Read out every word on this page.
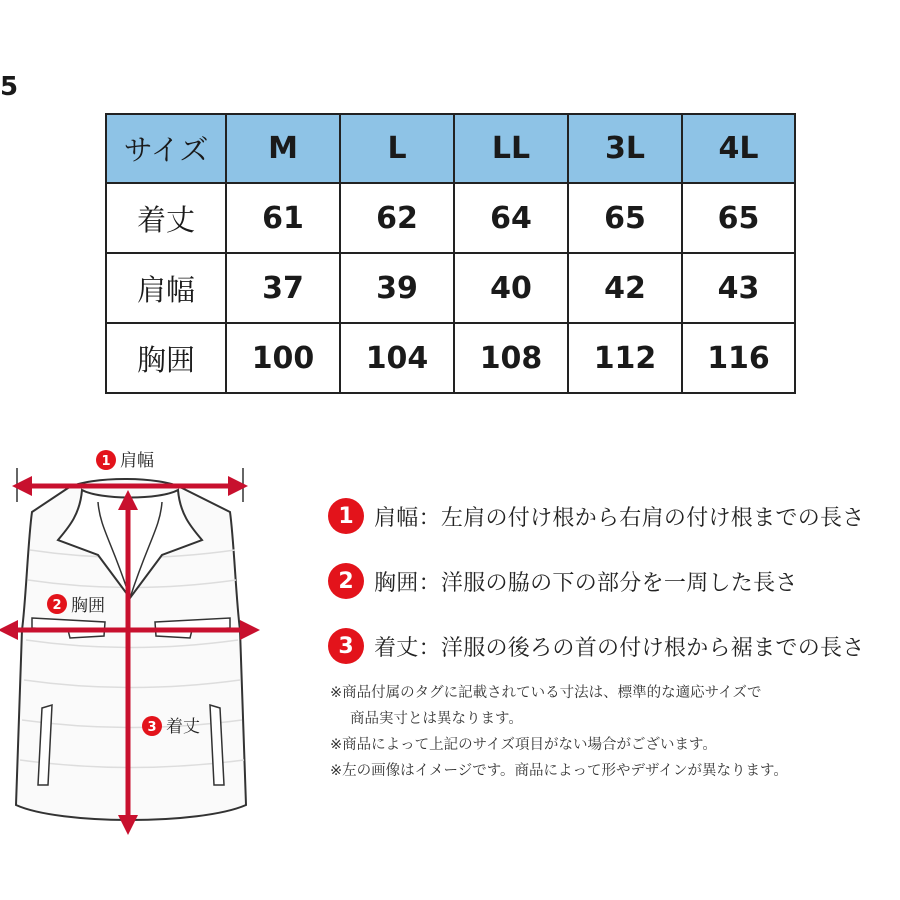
5
サイズ	M	L	LL	3L	4L
着丈	61	62	64	65	65
肩幅	37	39	40	42	43
胸囲	100	104	108	112	116
1 肩幅
2 胸囲
3 着丈
1 肩幅：左肩の付け根から右肩の付け根までの長さ
2 胸囲：洋服の脇の下の部分を一周した長さ
3 着丈：洋服の後ろの首の付け根から裾までの長さ
※商品付属のタグに記載されている寸法は、標準的な適応サイズで
商品実寸とは異なります。
※商品によって上記のサイズ項目がない場合がございます。
※左の画像はイメージです。商品によって形やデザインが異なります。
